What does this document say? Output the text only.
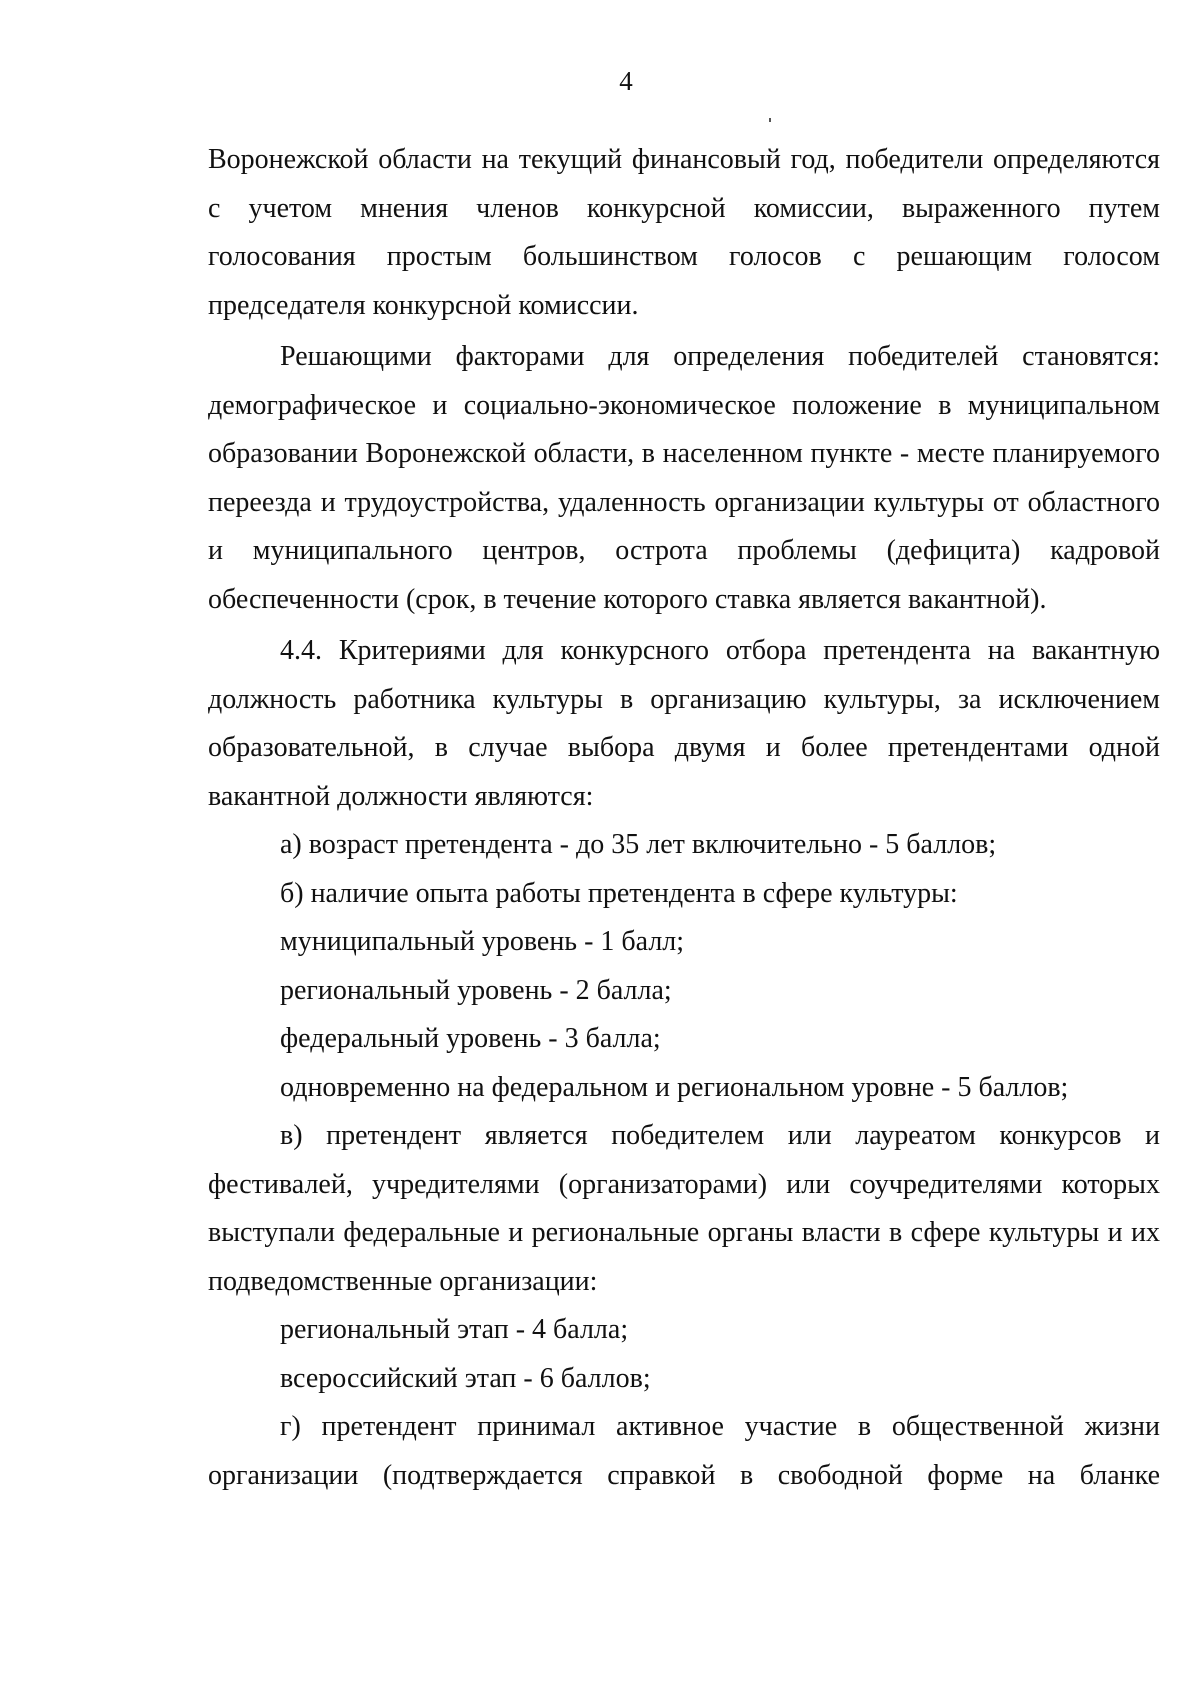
4

Воронежской области на текущий финансовый год, победители определяются с учетом мнения членов конкурсной комиссии, выраженного путем голосования простым большинством голосов с решающим голосом председателя конкурсной комиссии.

Решающими факторами для определения победителей становятся: демографическое и социально-экономическое положение в муниципальном образовании Воронежской области, в населенном пункте - месте планируемого переезда и трудоустройства, удаленность организации культуры от областного и муниципального центров, острота проблемы (дефицита) кадровой обеспеченности (срок, в течение которого ставка является вакантной).

4.4. Критериями для конкурсного отбора претендента на вакантную должность работника культуры в организацию культуры, за исключением образовательной, в случае выбора двумя и более претендентами одной вакантной должности являются:

а) возраст претендента - до 35 лет включительно - 5 баллов;

б) наличие опыта работы претендента в сфере культуры:

муниципальный уровень - 1 балл;

региональный уровень - 2 балла;

федеральный уровень - 3 балла;

одновременно на федеральном и региональном уровне - 5 баллов;

в) претендент является победителем или лауреатом конкурсов и фестивалей, учредителями (организаторами) или соучредителями которых выступали федеральные и региональные органы власти в сфере культуры и их подведомственные организации:

региональный этап - 4 балла;

всероссийский этап - 6 баллов;

г) претендент принимал активное участие в общественной жизни организации (подтверждается справкой в свободной форме на бланке
